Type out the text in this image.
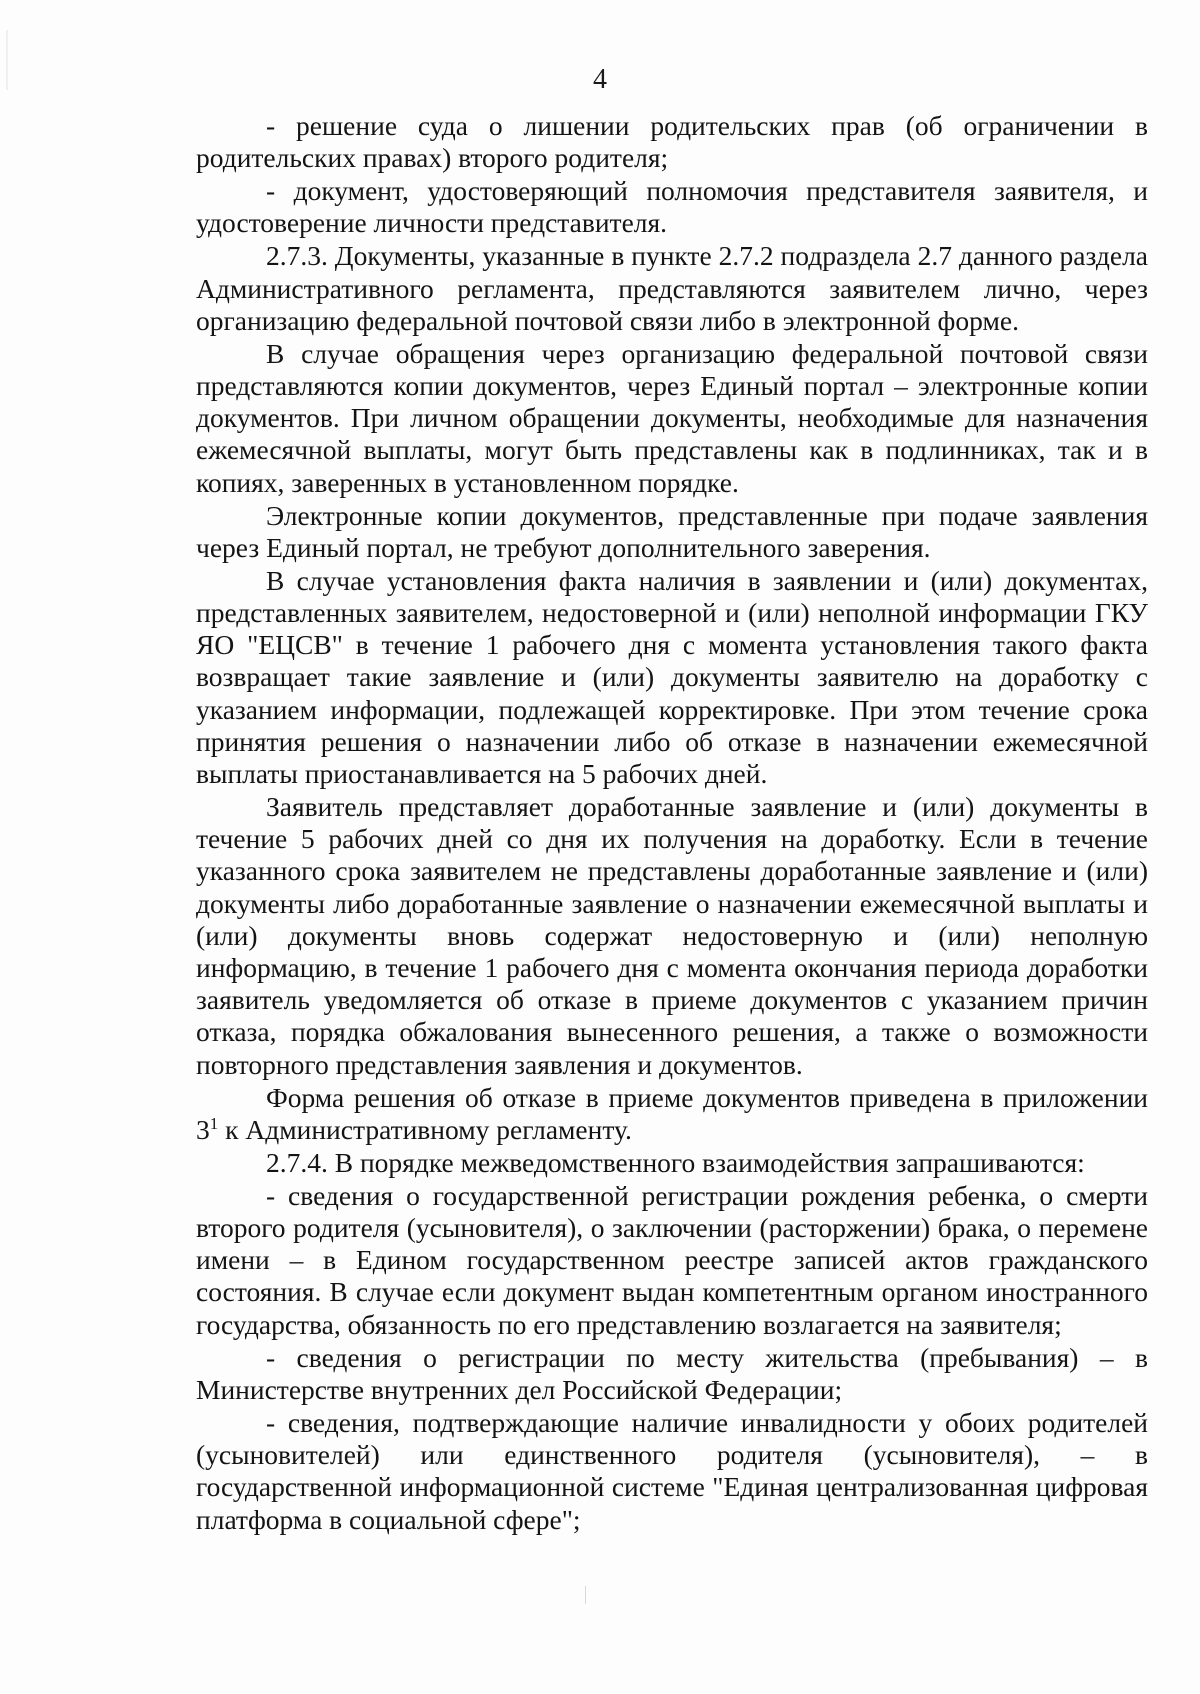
4

- решение суда о лишении родительских прав (об ограничении в родительских правах) второго родителя;

- документ, удостоверяющий полномочия представителя заявителя, и удостоверение личности представителя.

2.7.3. Документы, указанные в пункте 2.7.2 подраздела 2.7 данного раздела Административного регламента, представляются заявителем лично, через организацию федеральной почтовой связи либо в электронной форме.

В случае обращения через организацию федеральной почтовой связи представляются копии документов, через Единый портал – электронные копии документов. При личном обращении документы, необходимые для назначения ежемесячной выплаты, могут быть представлены как в подлинниках, так и в копиях, заверенных в установленном порядке.

Электронные копии документов, представленные при подаче заявления через Единый портал, не требуют дополнительного заверения.

В случае установления факта наличия в заявлении и (или) документах, представленных заявителем, недостоверной и (или) неполной информации ГКУ ЯО "ЕЦСВ" в течение 1 рабочего дня с момента установления такого факта возвращает такие заявление и (или) документы заявителю на доработку с указанием информации, подлежащей корректировке. При этом течение срока принятия решения о назначении либо об отказе в назначении ежемесячной выплаты приостанавливается на 5 рабочих дней.

Заявитель представляет доработанные заявление и (или) документы в течение 5 рабочих дней со дня их получения на доработку. Если в течение указанного срока заявителем не представлены доработанные заявление и (или) документы либо доработанные заявление о назначении ежемесячной выплаты и (или) документы вновь содержат недостоверную и (или) неполную информацию, в течение 1 рабочего дня с момента окончания периода доработки заявитель уведомляется об отказе в приеме документов с указанием причин отказа, порядка обжалования вынесенного решения, а также о возможности повторного представления заявления и документов.

Форма решения об отказе в приеме документов приведена в приложении $3^1$ к Административному регламенту.

2.7.4. В порядке межведомственного взаимодействия запрашиваются:

- сведения о государственной регистрации рождения ребенка, о смерти второго родителя (усыновителя), о заключении (расторжении) брака, о перемене имени – в Едином государственном реестре записей актов гражданского состояния. В случае если документ выдан компетентным органом иностранного государства, обязанность по его представлению возлагается на заявителя;

- сведения о регистрации по месту жительства (пребывания) – в Министерстве внутренних дел Российской Федерации;

- сведения, подтверждающие наличие инвалидности у обоих родителей (усыновителей) или единственного родителя (усыновителя), – в государственной информационной системе "Единая централизованная цифровая платформа в социальной сфере";
